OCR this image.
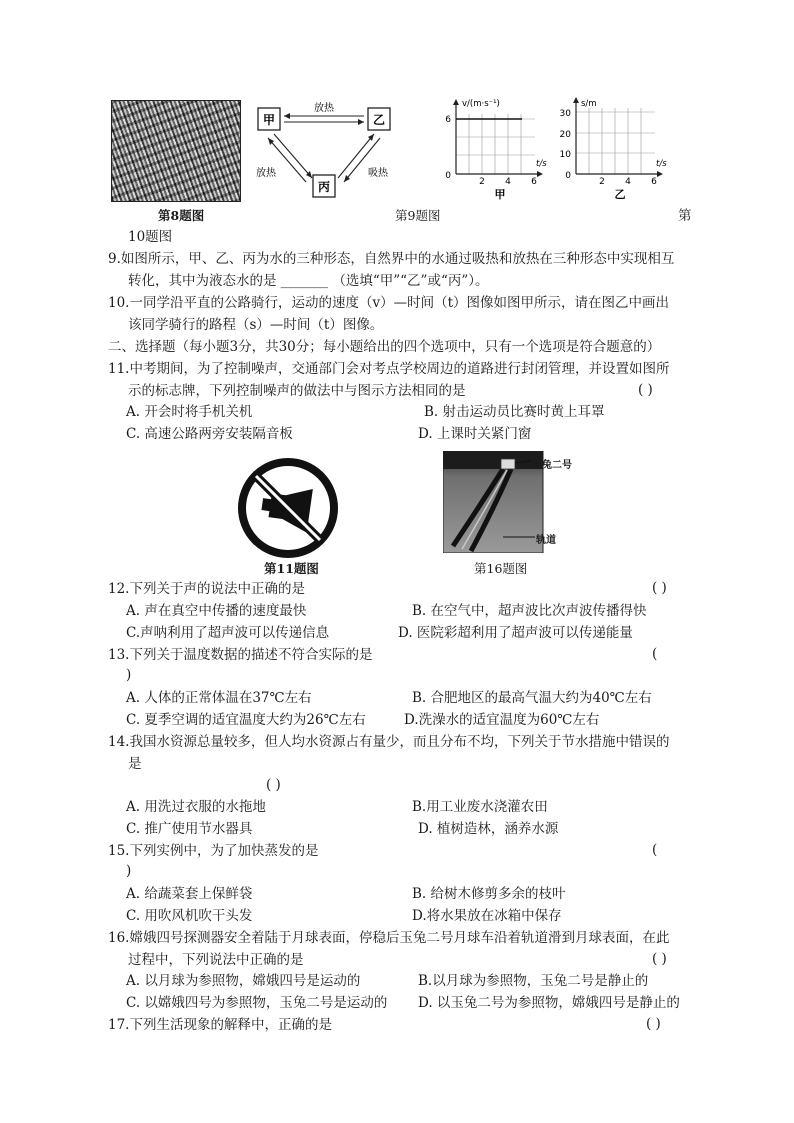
第8题图
甲	乙
丙
放热
放热	吸热
第9题图
v/(m·s⁻¹)
t/s
6
0
2 4 6
甲
s/m
t/s
30
20
10
0
2 4 6
乙
第
10题图
9.如图所示，甲、乙、丙为水的三种形态，自然界中的水通过吸热和放热在三种形态中实现相互
转化，其中为液态水的是 _______ （选填“甲”“乙”或“丙”）。
10.一同学沿平直的公路骑行，运动的速度（v）—时间（t）图像如图甲所示，请在图乙中画出
该同学骑行的路程（s）—时间（t）图像。
二、选择题（每小题3分，共30分；每小题给出的四个选项中，只有一个选项是符合题意的）
11.中考期间，为了控制噪声，交通部门会对考点学校周边的道路进行封闭管理，并设置如图所
示的标志牌，下列控制噪声的做法中与图示方法相同的是	( )
A. 开会时将手机关机	B. 射击运动员比赛时黄上耳罩
C. 高速公路两旁安装隔音板	D. 上课时关紧门窗
第11题图
玉兔二号
轨道
第16题图
12.下列关于声的说法中正确的是	( )
A. 声在真空中传播的速度最快	B. 在空气中，超声波比次声波传播得快
C.声呐利用了超声波可以传递信息	D. 医院彩超利用了超声波可以传递能量
13.下列关于温度数据的描述不符合实际的是	(
)
A. 人体的正常体温在37℃左右	B. 合肥地区的最高气温大约为40℃左右
C. 夏季空调的适宜温度大约为26℃左右	D.洗澡水的适宜温度为60℃左右
14.我国水资源总量较多，但人均水资源占有量少，而且分布不均，下列关于节水措施中错误的
是
( )
A. 用洗过衣服的水拖地	B.用工业废水浇灌农田
C. 推广使用节水器具	D. 植树造林，涵养水源
15.下列实例中，为了加快蒸发的是	(
)
A. 给蔬菜套上保鲜袋	B. 给树木修剪多余的枝叶
C. 用吹风机吹干头发	D.将水果放在冰箱中保存
16.嫦娥四号探测器安全着陆于月球表面，停稳后玉兔二号月球车沿着轨道滑到月球表面，在此
过程中，下列说法中正确的是	( )
A. 以月球为参照物，嫦娥四号是运动的	B.以月球为参照物，玉兔二号是静止的
C. 以嫦娥四号为参照物，玉兔二号是运动的 D. 以玉兔二号为参照物，嫦娥四号是静止的
17.下列生活现象的解释中，正确的是	( )
